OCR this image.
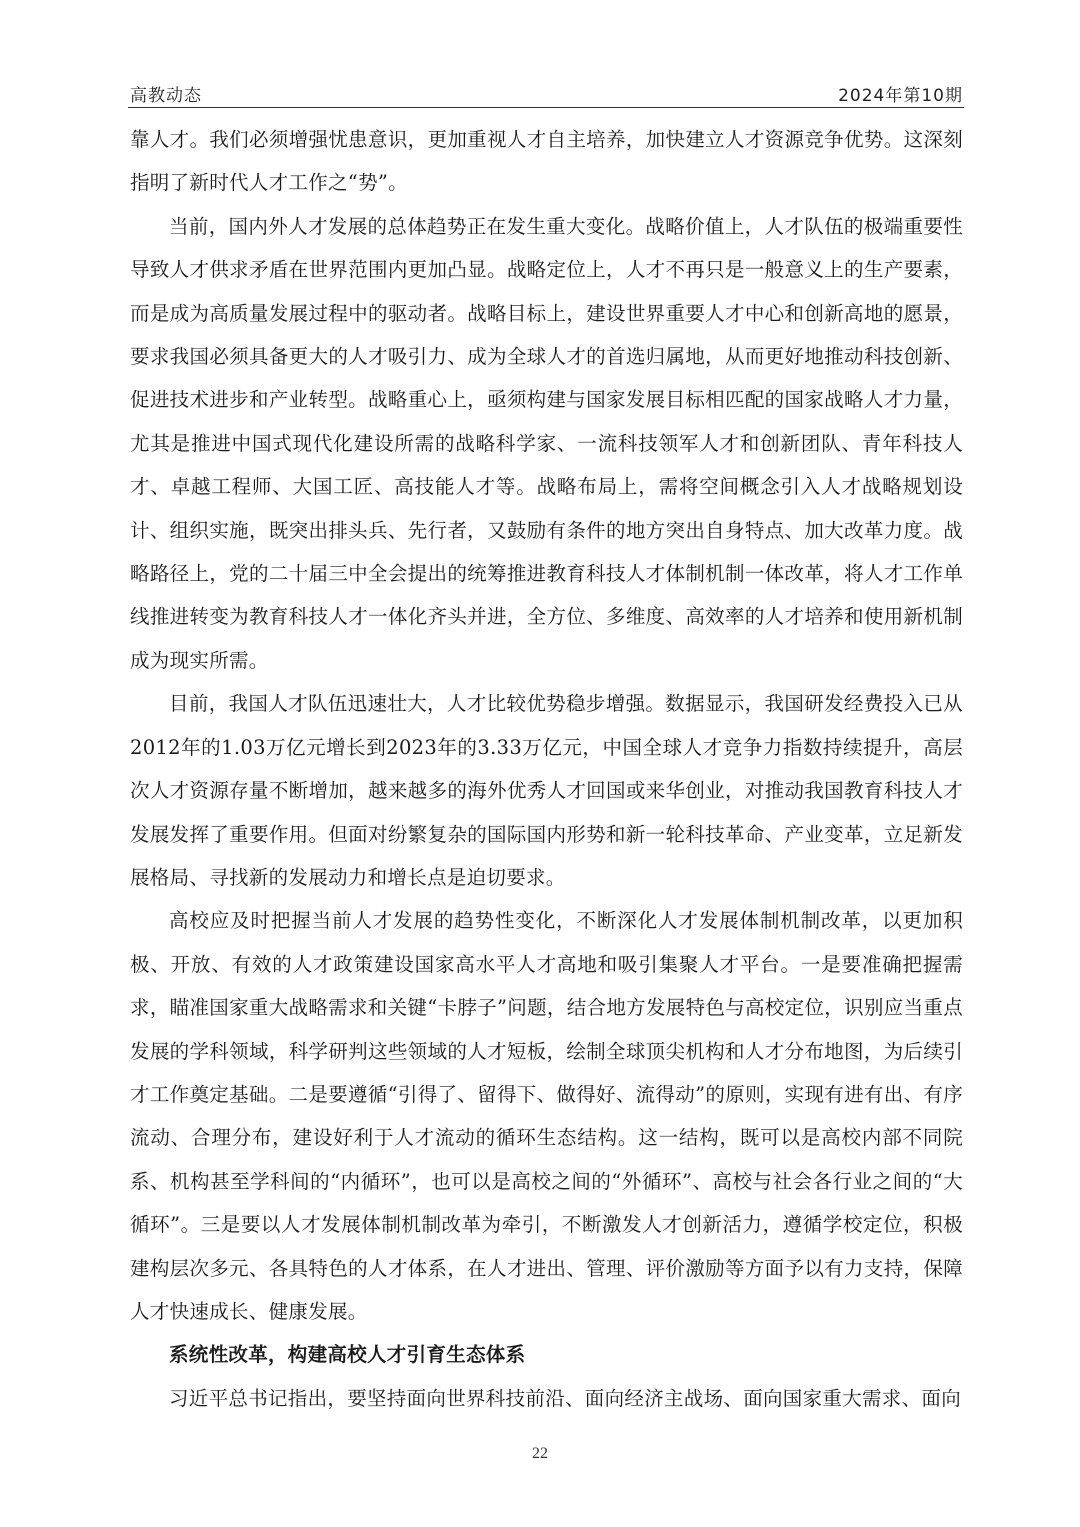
高教动态	2024年第10期

靠人才。我们必须增强忧患意识，更加重视人才自主培养，加快建立人才资源竞争优势。这深刻指明了新时代人才工作之“势”。

当前，国内外人才发展的总体趋势正在发生重大变化。战略价值上，人才队伍的极端重要性导致人才供求矛盾在世界范围内更加凸显。战略定位上，人才不再只是一般意义上的生产要素，而是成为高质量发展过程中的驱动者。战略目标上，建设世界重要人才中心和创新高地的愿景，要求我国必须具备更大的人才吸引力、成为全球人才的首选归属地，从而更好地推动科技创新、促进技术进步和产业转型。战略重心上，亟须构建与国家发展目标相匹配的国家战略人才力量，尤其是推进中国式现代化建设所需的战略科学家、一流科技领军人才和创新团队、青年科技人才、卓越工程师、大国工匠、高技能人才等。战略布局上，需将空间概念引入人才战略规划设计、组织实施，既突出排头兵、先行者，又鼓励有条件的地方突出自身特点、加大改革力度。战略路径上，党的二十届三中全会提出的统筹推进教育科技人才体制机制一体改革，将人才工作单线推进转变为教育科技人才一体化齐头并进，全方位、多维度、高效率的人才培养和使用新机制成为现实所需。

目前，我国人才队伍迅速壮大，人才比较优势稳步增强。数据显示，我国研发经费投入已从2012年的1.03万亿元增长到2023年的3.33万亿元，中国全球人才竞争力指数持续提升，高层次人才资源存量不断增加，越来越多的海外优秀人才回国或来华创业，对推动我国教育科技人才发展发挥了重要作用。但面对纷繁复杂的国际国内形势和新一轮科技革命、产业变革，立足新发展格局、寻找新的发展动力和增长点是迫切要求。

高校应及时把握当前人才发展的趋势性变化，不断深化人才发展体制机制改革，以更加积极、开放、有效的人才政策建设国家高水平人才高地和吸引集聚人才平台。一是要准确把握需求，瞄准国家重大战略需求和关键“卡脖子”问题，结合地方发展特色与高校定位，识别应当重点发展的学科领域，科学研判这些领域的人才短板，绘制全球顶尖机构和人才分布地图，为后续引才工作奠定基础。二是要遵循“引得了、留得下、做得好、流得动”的原则，实现有进有出、有序流动、合理分布，建设好利于人才流动的循环生态结构。这一结构，既可以是高校内部不同院系、机构甚至学科间的“内循环”，也可以是高校之间的“外循环”、高校与社会各行业之间的“大循环”。三是要以人才发展体制机制改革为牵引，不断激发人才创新活力，遵循学校定位，积极建构层次多元、各具特色的人才体系，在人才进出、管理、评价激励等方面予以有力支持，保障人才快速成长、健康发展。

系统性改革，构建高校人才引育生态体系

习近平总书记指出，要坚持面向世界科技前沿、面向经济主战场、面向国家重大需求、面向

22
